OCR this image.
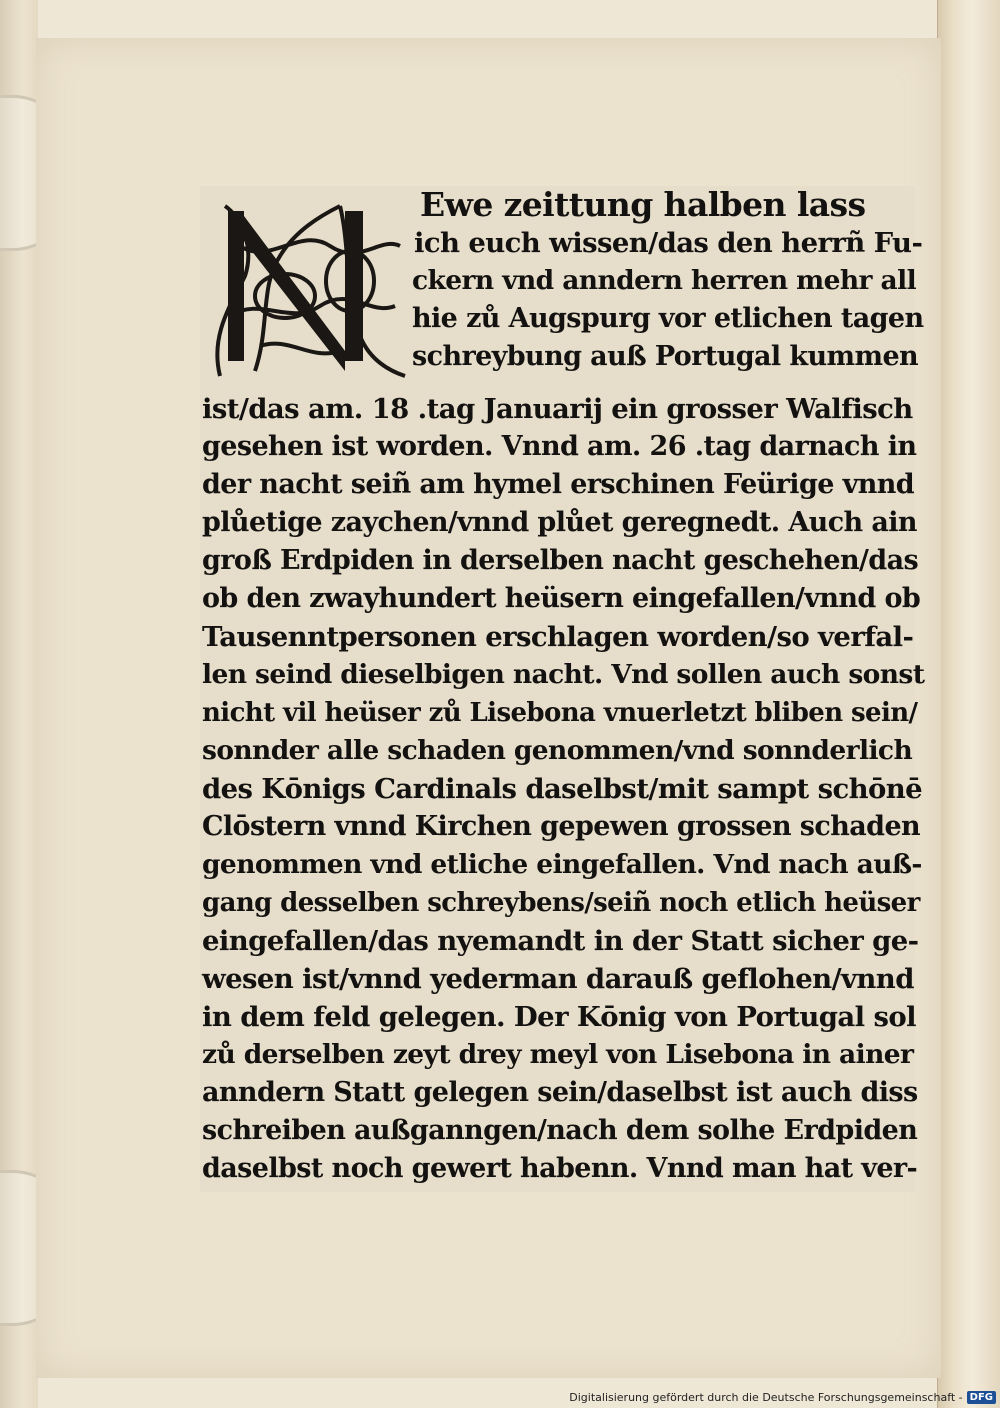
N
Ewe zeittung halben lass
ich euch wissen/das den herrñ Fu‑
ckern vnd anndern herren mehr all
hie zů Augspurg vor etlichen tagen
schreybung auß Portugal kummen
ist/das am. 18 .tag Januarij ein grosser Walfisch
gesehen ist worden. Vnnd am. 26 .tag darnach in
der nacht seiñ am hymel erschinen Feürige vnnd
plůetige zaychen/vnnd plůet geregnedt. Auch ain
groß Erdpiden in derselben nacht geschehen/das
ob den zwayhundert heüsern eingefallen/vnnd ob
Tausenntpersonen erschlagen worden/so verfal‑
len seind dieselbigen nacht. Vnd sollen auch sonst
nicht vil heüser zů Lisebona vnuerletzt bliben sein/
sonnder alle schaden genommen/vnd sonnderlich
des Kōnigs Cardinals daselbst/mit sampt schōnē
Clōstern vnnd Kirchen gepewen grossen schaden
genommen vnd etliche eingefallen. Vnd nach auß‑
gang desselben schreybens/seiñ noch etlich heüser
eingefallen/das nyemandt in der Statt sicher ge‑
wesen ist/vnnd yederman darauß geflohen/vnnd
in dem feld gelegen. Der Kōnig von Portugal sol
zů derselben zeyt drey meyl von Lisebona in ainer
anndern Statt gelegen sein/daselbst ist auch diss
schreiben außganngen/nach dem solhe Erdpiden
daselbst noch gewert habenn. Vnnd man hat ver‑
Digitalisierung gefördert durch die Deutsche Forschungsgemeinschaft - DFG
